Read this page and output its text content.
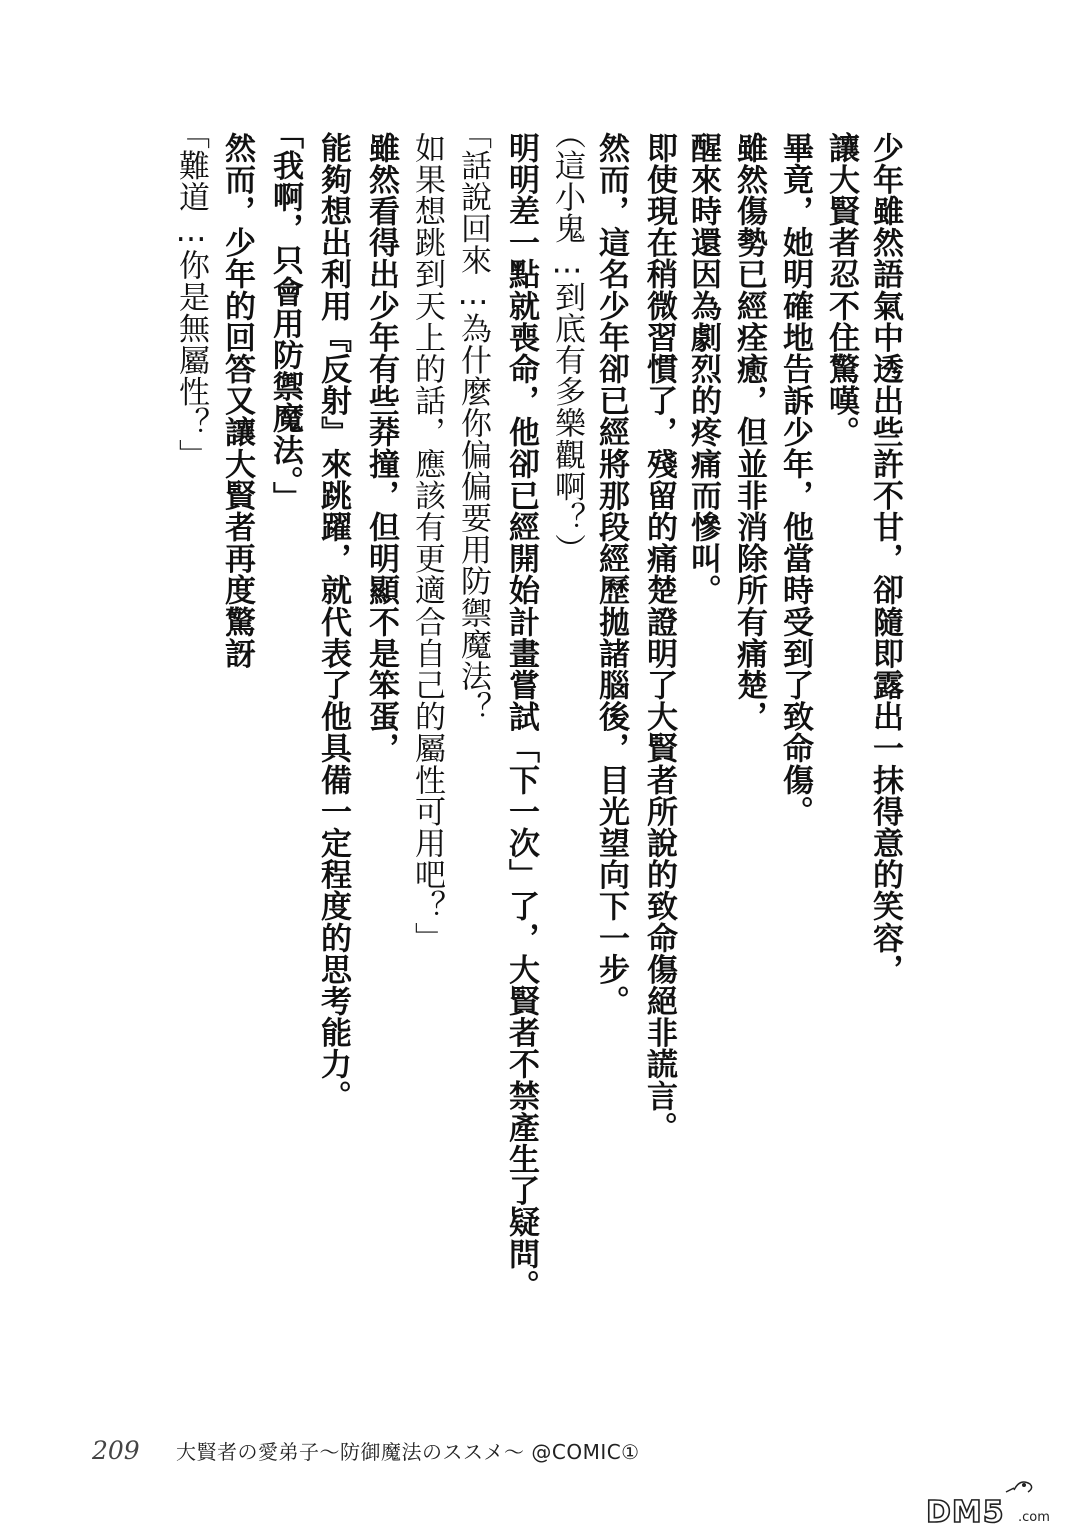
少年雖然語氣中透出些許不甘，卻隨即露出一抹得意的笑容，
讓大賢者忍不住驚嘆。
畢竟，她明確地告訴少年，他當時受到了致命傷。
雖然傷勢已經痊癒，但並非消除所有痛楚，
醒來時還因為劇烈的疼痛而慘叫。
即使現在稍微習慣了，殘留的痛楚證明了大賢者所說的致命傷絕非謊言。
然而，這名少年卻已經將那段經歷拋諸腦後，目光望向下一步。
（這小鬼…到底有多樂觀啊？）
明明差一點就喪命，他卻已經開始計畫嘗試「下一次」了，大賢者不禁產生了疑問。
「話說回來…為什麼你偏偏要用防禦魔法？
如果想跳到天上的話，應該有更適合自己的屬性可用吧？」
雖然看得出少年有些莽撞，但明顯不是笨蛋，
能夠想出利用『反射』來跳躍，就代表了他具備一定程度的思考能力。
「我啊，只會用防禦魔法。」
然而，少年的回答又讓大賢者再度驚訝
「難道…你是無屬性？」
209	大賢者の愛弟子～防御魔法のススメ～ @COMIC①
DM5 .com
